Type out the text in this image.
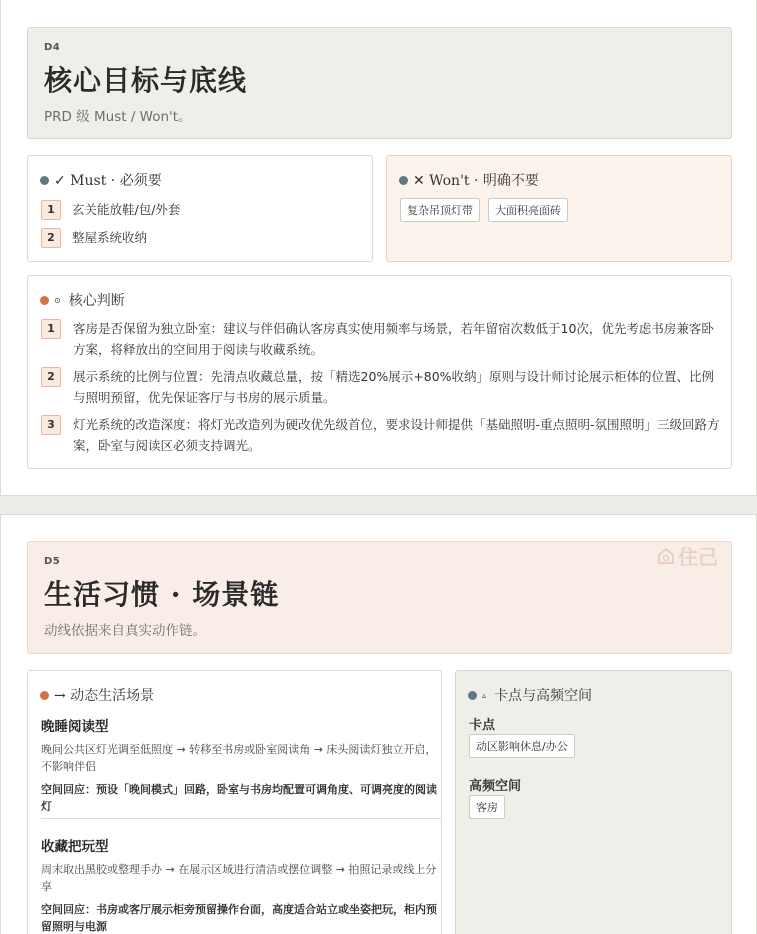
D4
核心目标与底线
PRD 级 Must / Won't。
✓ Must · 必须要
1	玄关能放鞋/包/外套
2	整屋系统收纳
✕ Won't · 明确不要
复杂吊顶灯带	大面积亮面砖
⊙ 核心判断
1	客房是否保留为独立卧室：建议与伴侣确认客房真实使用频率与场景，若年留宿次数低于10次，优先考虑书房兼客卧方案，将释放出的空间用于阅读与收藏系统。
2	展示系统的比例与位置：先清点收藏总量，按「精选20%展示+80%收纳」原则与设计师讨论展示柜体的位置、比例与照明预留，优先保证客厅与书房的展示质量。
3	灯光系统的改造深度：将灯光改造列为硬改优先级首位，要求设计师提供「基础照明-重点照明-氛围照明」三级回路方案，卧室与阅读区必须支持调光。
D5
生活习惯 · 场景链
动线依据来自真实动作链。
住己
→ 动态生活场景
晚睡阅读型
晚间公共区灯光调至低照度 → 转移至书房或卧室阅读角 → 床头阅读灯独立开启，不影响伴侣
空间回应：预设「晚间模式」回路，卧室与书房均配置可调角度、可调亮度的阅读灯
收藏把玩型
周末取出黑胶或整理手办 → 在展示区域进行清洁或摆位调整 → 拍照记录或线上分享
空间回应：书房或客厅展示柜旁预留操作台面，高度适合站立或坐姿把玩，柜内预留照明与电源
▵ 卡点与高频空间
卡点
动区影响休息/办公
高频空间
客房
